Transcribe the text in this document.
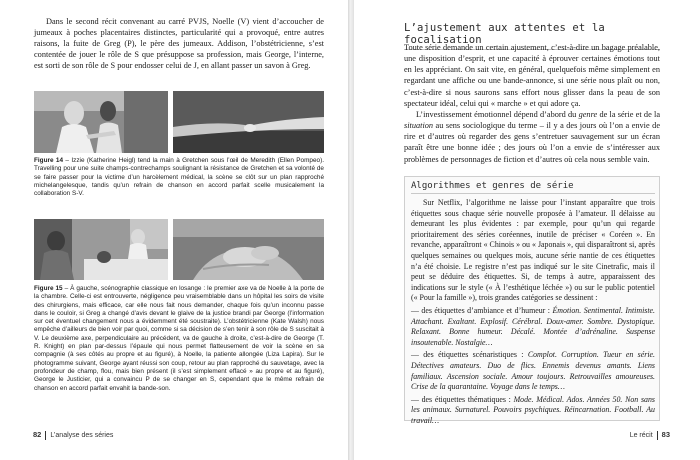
Dans le second récit convenant au carré PVJS, Noelle (V) vient d’accoucher de jumeaux à poches placentaires distinctes, particularité qui a provoqué, entre autres raisons, la fuite de Greg (P), le père des jumeaux. Addison, l’obstétricienne, s’est contentée de jouer le rôle de S que présuppose sa profession, mais George, l’interne, est sorti de son rôle de S pour endosser celui de J, en allant passer un savon à Greg.
Figure 14 – Izzie (Katherine Heigl) tend la main à Gretchen sous l’œil de Meredith (Ellen Pompeo). Travelling pour une suite champs-contrechamps soulignant la résistance de Gretchen et sa volonté de se faire passer pour la victime d’un harcèlement médical, la scène se clôt sur un plan rapproché michelangelesque, tandis qu’un refrain de chanson en accord parfait scelle musicalement la collaboration S-V.
Figure 15 – À gauche, scénographie classique en losange : le premier axe va de Noelle à la porte de la chambre. Celle-ci est entrouverte, négligence peu vraisemblable dans un hôpital les soirs de visite des chirurgiens, mais efficace, car elle nous fait nous demander, chaque fois qu’un inconnu passe dans le couloir, si Greg a changé d’avis devant le glaive de la justice brandi par George (l’information sur cet éventuel changement nous a évidemment été soustraite). L’obstétricienne (Kate Walsh) nous empêche d’ailleurs de bien voir par quoi, comme si sa décision de s’en tenir à son rôle de S suscitait à V. Le deuxième axe, perpendiculaire au précédent, va de gauche à droite, c’est-à-dire de George (T. R. Knight) en plan par-dessus l’épaule qui nous permet flatteusement de voir la scène en sa compagnie (à ses côtés au propre et au figuré), à Noelle, la patiente allongée (Liza Lapira). Sur le photogramme suivant, George ayant réussi son coup, retour au plan rapproché du sauvetage, avec la profondeur de champ, flou, mais bien présent (il s’est simplement effacé » au propre et au figuré), George le Justicier, qui a convaincu P de se changer en S, cependant que le même refrain de chanson en accord parfait envahit la bande-son.
82 L’analyse des séries
L’ajustement aux attentes et la focalisation

Toute série demande un certain ajustement, c’est-à-dire un bagage préalable, une disposition d’esprit, et une capacité à éprouver certaines émotions tout en les appréciant. On sait vite, en général, quelquefois même simplement en regardant une affiche ou une bande-annonce, si une série nous plaît ou non, c’est-à-dire si nous saurons sans effort nous glisser dans la peau de son spectateur idéal, celui qui « marche » et qui adore ça.

L’investissement émotionnel dépend d’abord du genre de la série et de la situation au sens sociologique du terme – il y a des jours où l’on a envie de rire et d’autres où regarder des gens s’entretuer sauvagement sur un écran paraît être une bonne idée ; des jours où l’on a envie de s’intéresser aux problèmes de personnages de fiction et d’autres où cela nous semble vain.

Algorithmes et genres de série

Sur Netflix, l’algorithme ne laisse pour l’instant apparaître que trois étiquettes sous chaque série nouvelle proposée à l’amateur. Il délaisse au demeurant les plus évidentes : par exemple, pour qu’un qui regarde prioritairement des séries coréennes, inutile de préciser « Coréen ». En revanche, apparaîtront « Chinois » ou « Japonais », qui disparaîtront si, après quelques semaines ou quelques mois, aucune série nantie de ces étiquettes n’a été choisie. Le registre n’est pas indiqué sur le site Cinetrafic, mais il peut se déduire des étiquettes. Si, de temps à autre, apparaissent des indications sur le style (« À l’esthétique léchée ») ou sur le public potentiel (« Pour la famille »), trois grandes catégories se dessinent :

— des étiquettes d’ambiance et d’humeur : Émotion. Sentimental. Intimiste. Attachant. Exaltant. Explosif. Cérébral. Doux-amer. Sombre. Dystopique. Relaxant. Bonne humeur. Décalé. Montée d’adrénaline. Suspense insoutenable. Nostalgie…

— des étiquettes scénaristiques : Complot. Corruption. Tueur en série. Détectives amateurs. Duo de flics. Ennemis devenus amants. Liens familiaux. Ascension sociale. Amour toujours. Retrouvailles amoureuses. Crise de la quarantaine. Voyage dans le temps…

— des étiquettes thématiques : Mode. Médical. Ados. Années 50. Non sans les animaux. Surnaturel. Pouvoirs psychiques. Réincarnation. Football. Au travail…

Le récit 83
